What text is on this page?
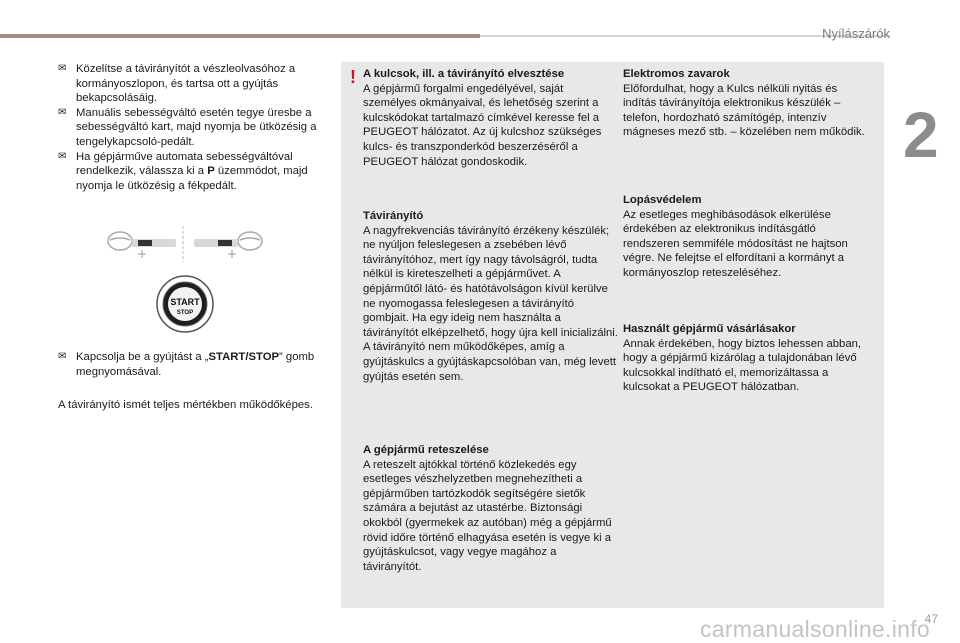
Nyílászárók
2
✉ Közelítse a távirányítót a vészleolvasóhoz a kormányoszlopon, és tartsa ott a gyújtás bekapcsolásáig.
✉ Manuális sebességváltó esetén tegye üresbe a sebességváltó kart, majd nyomja be ütközésig a tengelykapcsoló-pedált.
✉ Ha gépjárműve automata sebességváltóval rendelkezik, válassza ki a P üzemmódot, majd nyomja le ütközésig a fékpedált.
START
STOP
✉ Kapcsolja be a gyújtást a „START/STOP” gomb megnyomásával.
A távirányító ismét teljes mértékben működőképes.
! A kulcsok, ill. a távirányító elvesztése

A gépjármű forgalmi engedélyével, saját személyes okmányaival, és lehetőség szerint a kulcskódokat tartalmazó címkével keresse fel a PEUGEOT hálózatot. Az új kulcshoz szükséges kulcs- és transzponderkód beszerzéséről a PEUGEOT hálózat gondoskodik.

Távirányító

A nagyfrekvenciás távirányító érzékeny készülék; ne nyúljon feleslegesen a zsebében lévő távirányítóhoz, mert így nagy távolságról, tudta nélkül is kireteszelheti a gépjárművet. A gépjárműtől látó- és hatótávolságon kívül kerülve ne nyomogassa feleslegesen a távirányító gombjait. Ha egy ideig nem használta a távirányítót elképzelhető, hogy újra kell inicializálni. A távirányító nem működőképes, amíg a gyújtáskulcs a gyújtáskapcsolóban van, még levett gyújtás esetén sem.

A gépjármű reteszelése

A reteszelt ajtókkal történő közlekedés egy esetleges vészhelyzetben megnehezítheti a gépjárműben tartózkodók segítségére sietők számára a bejutást az utastérbe. Biztonsági okokból (gyermekek az autóban) még a gépjármű rövid időre történő elhagyása esetén is vegye ki a gyújtáskulcsot, vagy vegye magához a távirányítót.

Elektromos zavarok

Előfordulhat, hogy a Kulcs nélküli nyitás és indítás távirányítója elektronikus készülék – telefon, hordozható számítógép, intenzív mágneses mező stb. – közelében nem működik.

Lopásvédelem

Az esetleges meghibásodások elkerülése érdekében az elektronikus indításgátló rendszeren semmiféle módosítást ne hajtson végre. Ne felejtse el elfordítani a kormányt a kormányoszlop reteszeléséhez.

Használt gépjármű vásárlásakor

Annak érdekében, hogy biztos lehessen abban, hogy a gépjármű kizárólag a tulajdonában lévő kulcsokkal indítható el, memorizáltassa a kulcsokat a PEUGEOT hálózatban.

carmanualsonline.info
47
